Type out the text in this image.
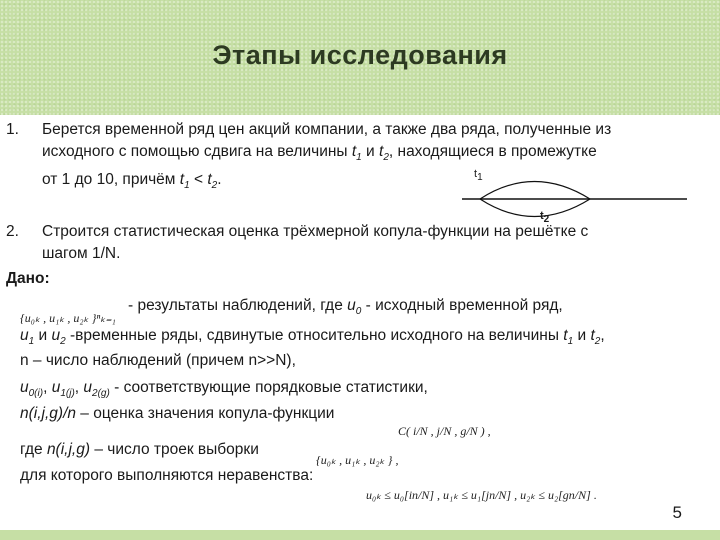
Этапы исследования
1. Берется временной ряд цен акций компании, а также два ряда, полученные из
исходного с помощью сдвига на величины $t_1$ и $t_2$, находящиеся в промежутке
от 1 до 10, причём $t_1 < t_2$.	$t_1$
$t_2$
2. Строится статистическая оценка трёхмерной копула-функции на решётке с
шагом 1/N.
Дано:
{u₀ₖ , u₁ₖ , u₂ₖ }ⁿₖ₌₁
- результаты наблюдений, где $u_0$ - исходный временной ряд,
$u_1$ и $u_2$ -временные ряды, сдвинутые относительно исходного на величины $t_1$ и $t_2$,
n – число наблюдений (причем n>>N),
$u_{0(i)}$, $u_{1(j)}$, $u_{2(g)}$ - соответствующие порядковые статистики,
n(i,j,g)/n – оценка значения копула-функции
C( i/N , j/N , g/N ) ,
где n(i,j,g) – число троек выборки
{u₀ₖ , u₁ₖ , u₂ₖ } ,
для которого выполняются неравенства:
u₀ₖ ≤ u₀[in/N] , u₁ₖ ≤ u₁[jn/N] , u₂ₖ ≤ u₂[gn/N] .
5
